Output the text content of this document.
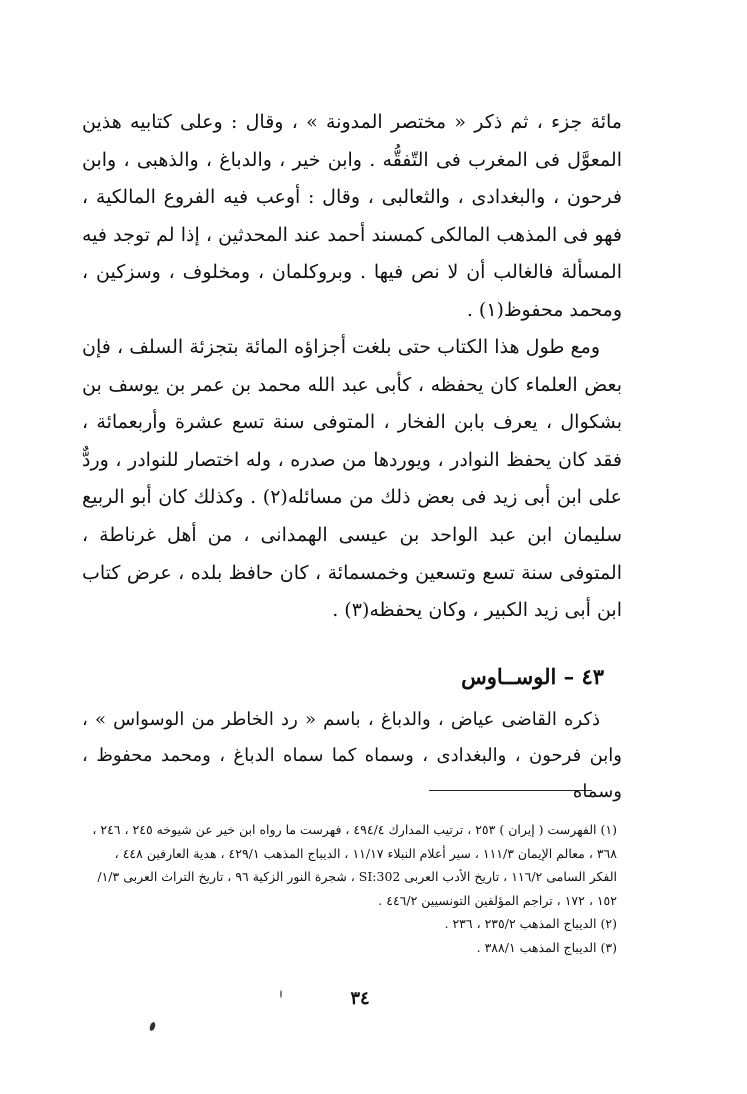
مائة جزء ، ثم ذكر « مختصر المدونة » ، وقال : وعلى كتابيه هذين المعوَّل فى المغرب فى التّفقُّه . وابن خير ، والدباغ ، والذهبى ، وابن فرحون ، والبغدادى ، والثعالبى ، وقال : أوعب فيه الفروع المالكية ، فهو فى المذهب المالكى كمسند أحمد عند المحدثين ، إذا لم توجد فيه المسألة فالغالب أن لا نص فيها . وبروكلمان ، ومخلوف ، وسزكين ، ومحمد محفوظ(١) .
ومع طول هذا الكتاب حتى بلغت أجزاؤه المائة بتجزئة السلف ، فإن بعض العلماء كان يحفظه ، كأبى عبد الله محمد بن عمر بن يوسف بن بشكوال ، يعرف بابن الفخار ، المتوفى سنة تسع عشرة وأربعمائة ، فقد كان يحفظ النوادر ، ويوردها من صدره ، وله اختصار للنوادر ، وردٌّ على ابن أبى زيد فى بعض ذلك من مسائله(٢) . وكذلك كان أبو الربيع سليمان ابن عبد الواحد بن عيسى الهمدانى ، من أهل غرناطة ، المتوفى سنة تسع وتسعين وخمسمائة ، كان حافظ بلده ، عرض كتاب ابن أبى زيد الكبير ، وكان يحفظه(٣) .
٤٣ – الوســاوس
ذكره القاضى عياض ، والدباغ ، باسم « رد الخاطر من الوسواس » ، وابن فرحون ، والبغدادى ، وسماه كما سماه الدباغ ، ومحمد محفوظ ، وسماه

(١) الفهرست ( إيران ) ٢٥٣ ، ترتيب المدارك ٤٩٤/٤ ، فهرست ما رواه ابن خير عن شيوخه ٢٤٥ ، ٢٤٦ ، ٣٦٨ ، معالم الإيمان ١١١/٣ ، سير أعلام النبلاء ١١/١٧ ، الديباج المذهب ٤٢٩/١ ، هدية العارفين ٤٤٨ ، الفكر السامى ١١٦/٢ ، تاريخ الأدب العربى SI:302 ، شجرة النور الزكية ٩٦ ، تاريخ التراث العربى ١/٣/ ١٥٢ ، ١٧٢ ، تراجم المؤلفين التونسيين ٤٤٦/٢ .

(٢) الديباج المذهب ٢٣٥/٢ ، ٢٣٦ .

(٣) الديباج المذهب ٣٨٨/١ .

٣٤
